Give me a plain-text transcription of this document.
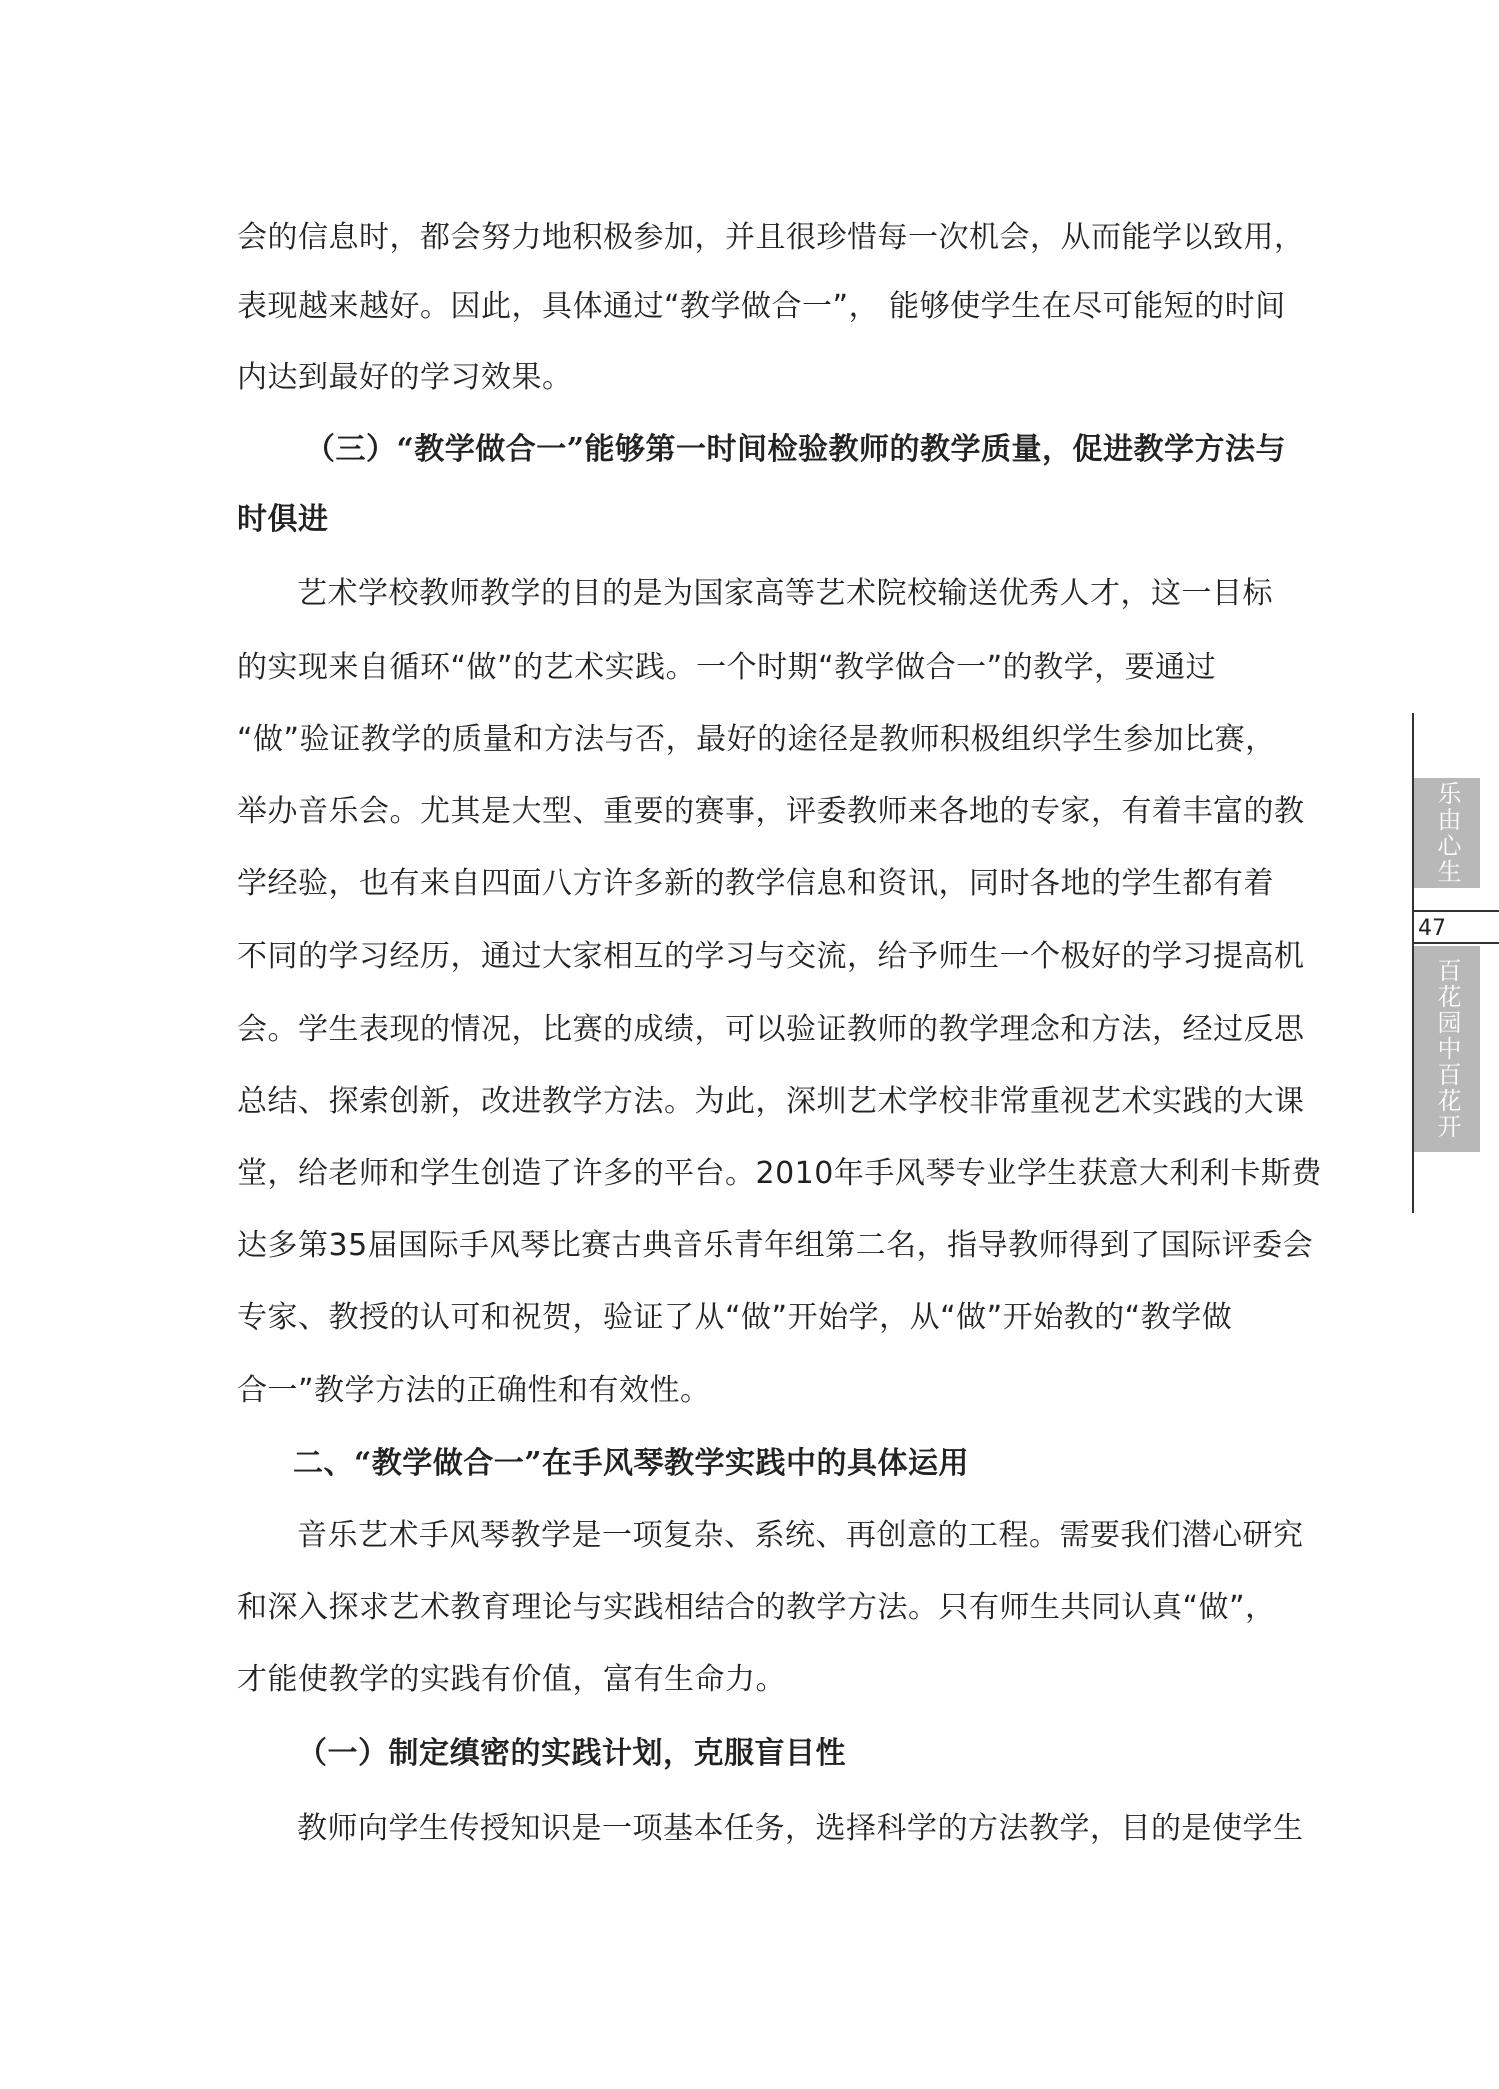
会的信息时，都会努力地积极参加，并且很珍惜每一次机会，从而能学以致用，
表现越来越好。因此，具体通过“教学做合一”， 能够使学生在尽可能短的时间
内达到最好的学习效果。
（三）“教学做合一”能够第一时间检验教师的教学质量，促进教学方法与
时俱进
艺术学校教师教学的目的是为国家高等艺术院校输送优秀人才，这一目标
的实现来自循环“做”的艺术实践。一个时期“教学做合一”的教学，要通过
“做”验证教学的质量和方法与否，最好的途径是教师积极组织学生参加比赛，
举办音乐会。尤其是大型、重要的赛事，评委教师来各地的专家，有着丰富的教
学经验，也有来自四面八方许多新的教学信息和资讯，同时各地的学生都有着
不同的学习经历，通过大家相互的学习与交流，给予师生一个极好的学习提高机
会。学生表现的情况，比赛的成绩，可以验证教师的教学理念和方法，经过反思
总结、探索创新，改进教学方法。为此，深圳艺术学校非常重视艺术实践的大课
堂，给老师和学生创造了许多的平台。2010年手风琴专业学生获意大利利卡斯费
达多第35届国际手风琴比赛古典音乐青年组第二名，指导教师得到了国际评委会
专家、教授的认可和祝贺，验证了从“做”开始学，从“做”开始教的“教学做
合一”教学方法的正确性和有效性。
二、“教学做合一”在手风琴教学实践中的具体运用
音乐艺术手风琴教学是一项复杂、系统、再创意的工程。需要我们潜心研究
和深入探求艺术教育理论与实践相结合的教学方法。只有师生共同认真“做”，
才能使教学的实践有价值，富有生命力。
（一）制定缜密的实践计划，克服盲目性
教师向学生传授知识是一项基本任务，选择科学的方法教学，目的是使学生
乐由心生
47
百花园中百花开
